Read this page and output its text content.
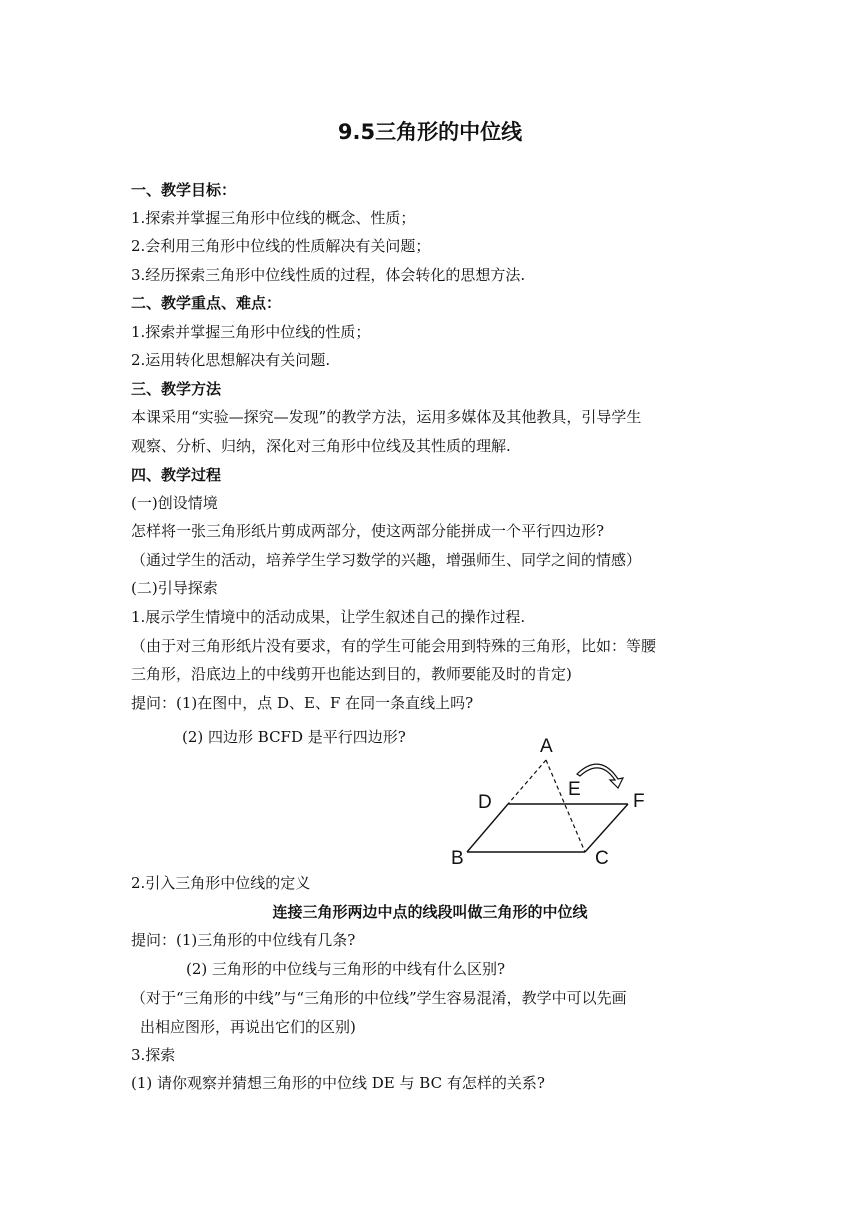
9.5三角形的中位线
一、教学目标：
1.探索并掌握三角形中位线的概念、性质；
2.会利用三角形中位线的性质解决有关问题；
3.经历探索三角形中位线性质的过程，体会转化的思想方法.
二、教学重点、难点：
1.探索并掌握三角形中位线的性质；
2.运用转化思想解决有关问题.
三、教学方法
本课采用“实验—探究—发现”的教学方法，运用多媒体及其他教具，引导学生
观察、分析、归纳，深化对三角形中位线及其性质的理解.
四、教学过程
(一)创设情境
怎样将一张三角形纸片剪成两部分，使这两部分能拼成一个平行四边形?
（通过学生的活动，培养学生学习数学的兴趣，增强师生、同学之间的情感）
(二)引导探索
1.展示学生情境中的活动成果，让学生叙述自己的操作过程.
（由于对三角形纸片没有要求，有的学生可能会用到特殊的三角形，比如：等腰
三角形，沿底边上的中线剪开也能达到目的，教师要能及时的肯定)
提问：(1)在图中，点 D、E、F 在同一条直线上吗?
(2) 四边形 BCFD 是平行四边形?	A
E
D	F
B	C
2.引入三角形中位线的定义
连接三角形两边中点的线段叫做三角形的中位线
提问：(1)三角形的中位线有几条?
(2) 三角形的中位线与三角形的中线有什么区别?
（对于“三角形的中线”与“三角形的中位线”学生容易混淆，教学中可以先画
出相应图形，再说出它们的区别)
3.探索
(1) 请你观察并猜想三角形的中位线 DE 与 BC 有怎样的关系?
